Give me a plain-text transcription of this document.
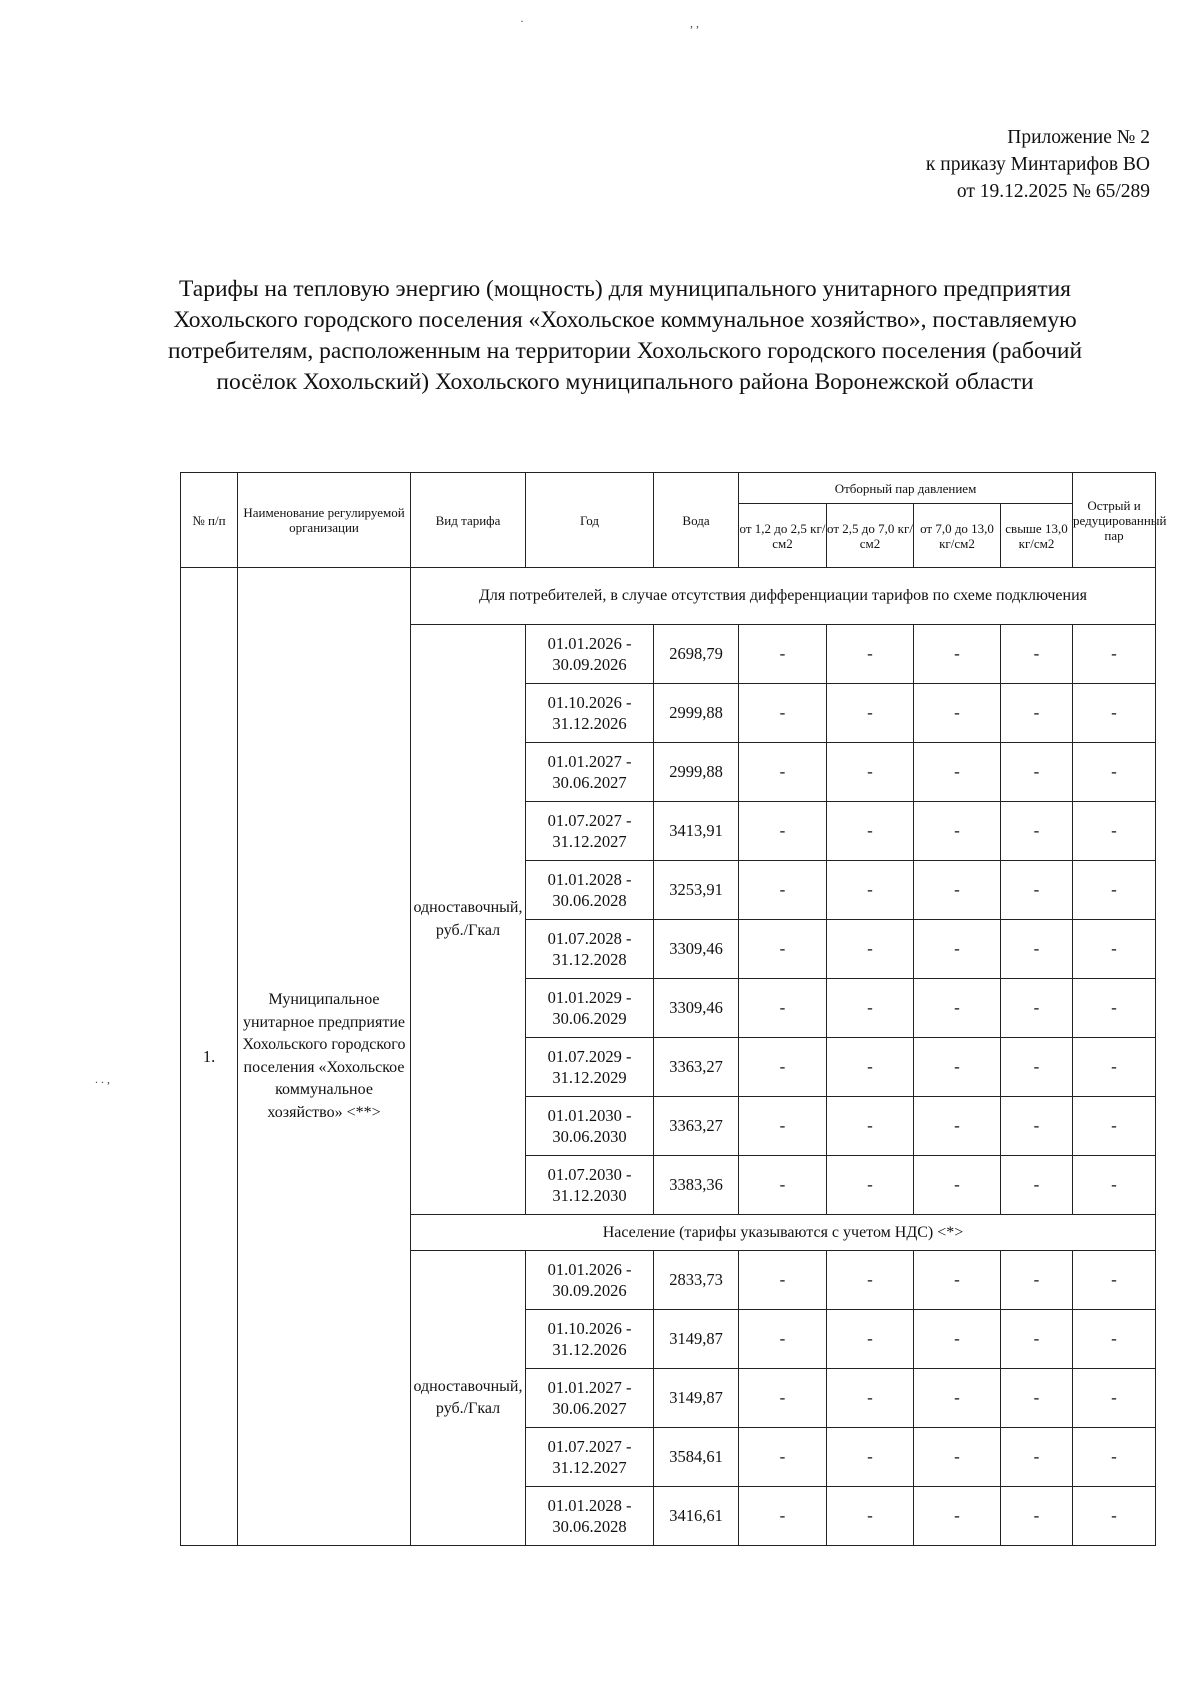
Приложение № 2
к приказу Минтарифов ВО
от 19.12.2025 № 65/289
Тарифы на тепловую энергию (мощность) для муниципального унитарного предприятия Хохольского городского поселения «Хохольское коммунальное хозяйство», поставляемую потребителям, расположенным на территории Хохольского городского поселения (рабочий посёлок Хохольский) Хохольского муниципального района Воронежской области
№ п/п	Наименование регулируемой организации	Вид тарифа	Год	Вода	Отборный пар давлением				Острый и редуцированный пар
					от 1,2 до 2,5 кг/см2	от 2,5 до 7,0 кг/см2	от 7,0 до 13,0 кг/см2	свыше 13,0 кг/см2	
1.	Муниципальное унитарное предприятие Хохольского городского поселения «Хохольское коммунальное хозяйство» <**>	Для потребителей, в случае отсутствия дифференциации тарифов по схеме подключения							
		одноставочный, руб./Гкал	01.01.2026 - 30.09.2026	2698,79	-	-	-	-	-
			01.10.2026 - 31.12.2026	2999,88	-	-	-	-	-
			01.01.2027 - 30.06.2027	2999,88	-	-	-	-	-
			01.07.2027 - 31.12.2027	3413,91	-	-	-	-	-
			01.01.2028 - 30.06.2028	3253,91	-	-	-	-	-
			01.07.2028 - 31.12.2028	3309,46	-	-	-	-	-
			01.01.2029 - 30.06.2029	3309,46	-	-	-	-	-
			01.07.2029 - 31.12.2029	3363,27	-	-	-	-	-
			01.01.2030 - 30.06.2030	3363,27	-	-	-	-	-
			01.07.2030 - 31.12.2030	3383,36	-	-	-	-	-
		Население (тарифы указываются с учетом НДС) <*>							
		одноставочный, руб./Гкал	01.01.2026 - 30.09.2026	2833,73	-	-	-	-	-
			01.10.2026 - 31.12.2026	3149,87	-	-	-	-	-
			01.01.2027 - 30.06.2027	3149,87	-	-	-	-	-
			01.07.2027 - 31.12.2027	3584,61	-	-	-	-	-
			01.01.2028 - 30.06.2028	3416,61	-	-	-	-	-
·	, ,
. . ,
